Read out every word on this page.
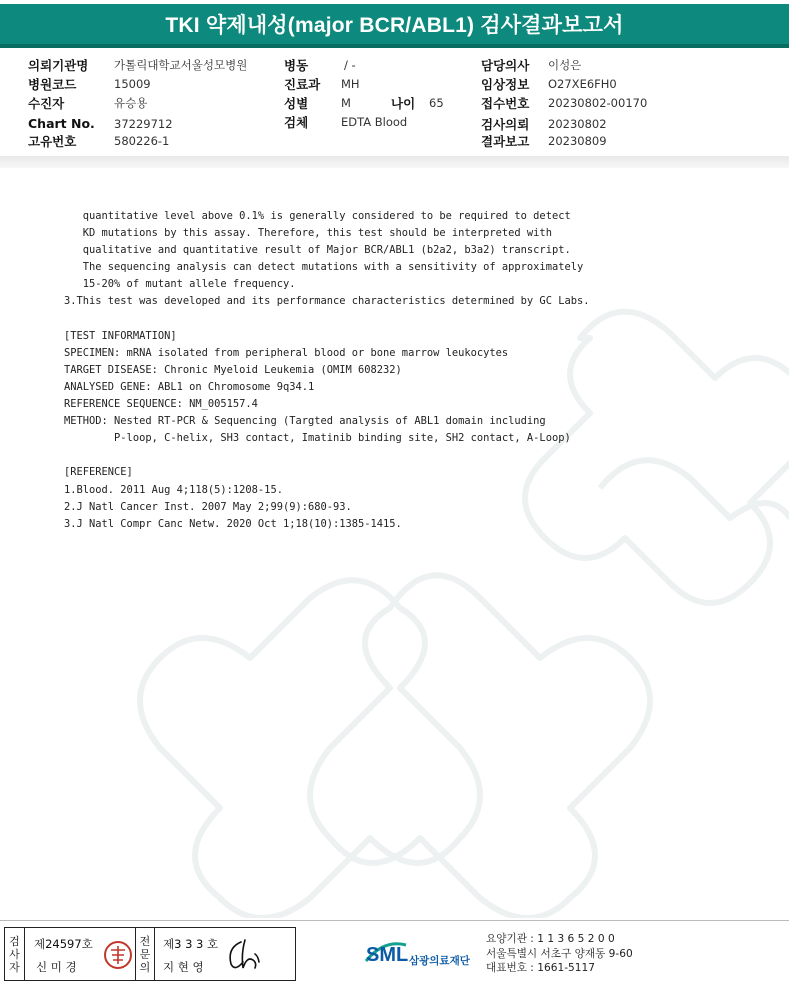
TKI 약제내성(major BCR/ABL1) 검사결과보고서
의뢰기관명	가톨릭대학교서울성모병원
병원코드	15009
수진자	유승용
Chart No.	37229712
고유번호	580226-1
병동	/ -
진료과	MH
성별	M	나이	65
검체	EDTA Blood
담당의사	이성은
임상정보	O27XE6FH0
접수번호	20230802-00170
검사의뢰	20230802
결과보고	20230809
quantitative level above 0.1% is generally considered to be required to detect
KD mutations by this assay. Therefore, this test should be interpreted with
qualitative and quantitative result of Major BCR/ABL1 (b2a2, b3a2) transcript.
The sequencing analysis can detect mutations with a sensitivity of approximately
15-20% of mutant allele frequency.
3.This test was developed and its performance characteristics determined by GC Labs.
[TEST INFORMATION]
SPECIMEN: mRNA isolated from peripheral blood or bone marrow leukocytes
TARGET DISEASE: Chronic Myeloid Leukemia (OMIM 608232)
ANALYSED GENE: ABL1 on Chromosome 9q34.1
REFERENCE SEQUENCE: NM_005157.4
METHOD: Nested RT-PCR & Sequencing (Targted analysis of ABL1 domain including
P-loop, C-helix, SH3 contact, Imatinib binding site, SH2 contact, A-Loop)
[REFERENCE]
1.Blood. 2011 Aug 4;118(5):1208-15.
2.J Natl Cancer Inst. 2007 May 2;99(9):680-93.
3.J Natl Compr Canc Netw. 2020 Oct 1;18(10):1385-1415.
검
사
자
제24597호
신 미 경
전
문
의
제3 3 3 호
지 현 영
SML 삼광의료재단
요양기관 : 1 1 3 6 5 2 0 0
서울특별시 서초구 양재동 9-60
대표번호 : 1661-5117
